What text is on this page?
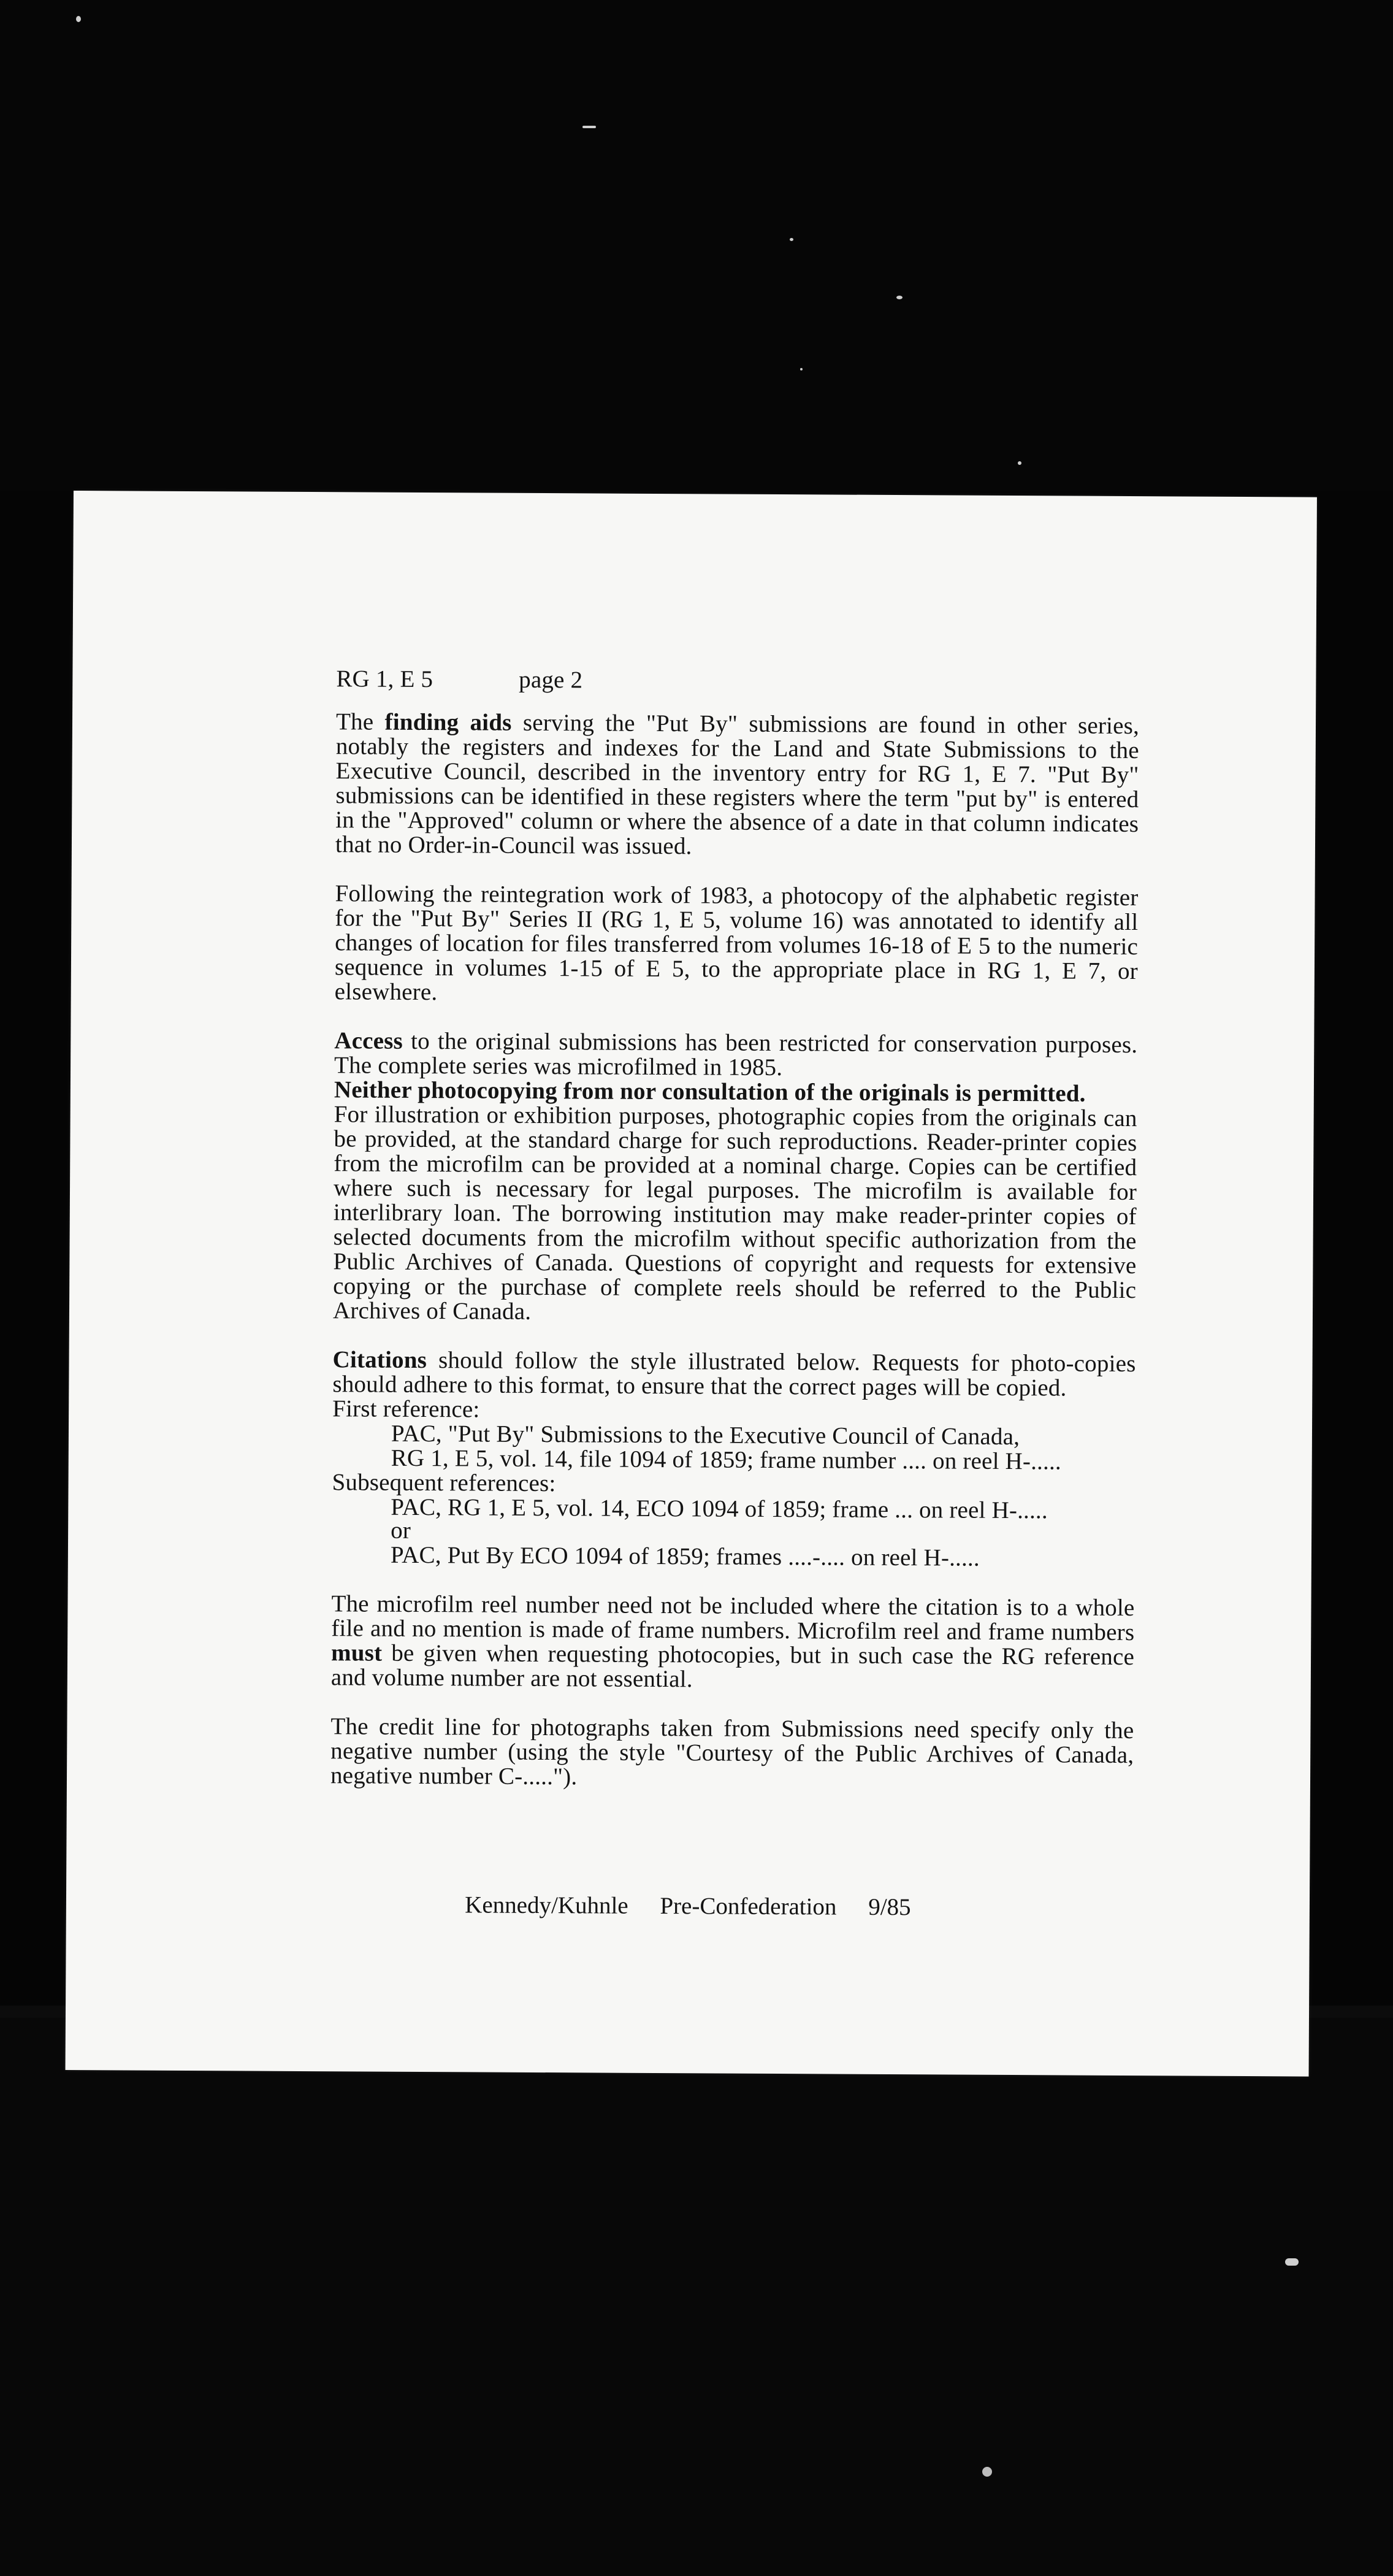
RG 1, E 5	page 2

The finding aids serving the "Put By" submissions are found in other series, notably the registers and indexes for the Land and State Submissions to the Executive Council, described in the inventory entry for RG 1, E 7. "Put By" submissions can be identified in these registers where the term "put by" is entered in the "Approved" column or where the absence of a date in that column indicates that no Order-in-Council was issued.

Following the reintegration work of 1983, a photocopy of the alphabetic register for the "Put By" Series II (RG 1, E 5, volume 16) was annotated to identify all changes of location for files transferred from volumes 16-18 of E 5 to the numeric sequence in volumes 1-15 of E 5, to the appropriate place in RG 1, E 7, or elsewhere.

Access to the original submissions has been restricted for conservation purposes. The complete series was microfilmed in 1985.

Neither photocopying from nor consultation of the originals is permitted.

For illustration or exhibition purposes, photographic copies from the originals can be provided, at the standard charge for such reproductions. Reader-printer copies from the microfilm can be provided at a nominal charge. Copies can be certified where such is necessary for legal purposes. The microfilm is available for interlibrary loan. The borrowing institution may make reader-printer copies of selected documents from the microfilm without specific authorization from the Public Archives of Canada. Questions of copyright and requests for extensive copying or the purchase of complete reels should be referred to the Public Archives of Canada.

Citations should follow the style illustrated below. Requests for photo-copies should adhere to this format, to ensure that the correct pages will be copied.

First reference:
PAC, "Put By" Submissions to the Executive Council of Canada,
RG 1, E 5, vol. 14, file 1094 of 1859; frame number .... on reel H-.....
Subsequent references:
PAC, RG 1, E 5, vol. 14, ECO 1094 of 1859; frame ... on reel H-.....
or
PAC, Put By ECO 1094 of 1859; frames ....-.... on reel H-.....

The microfilm reel number need not be included where the citation is to a whole file and no mention is made of frame numbers. Microfilm reel and frame numbers must be given when requesting photocopies, but in such case the RG reference and volume number are not essential.

The credit line for photographs taken from Submissions need specify only the negative number (using the style "Courtesy of the Public Archives of Canada, negative number C-.....").

Kennedy/Kuhnle Pre-Confederation 9/85
